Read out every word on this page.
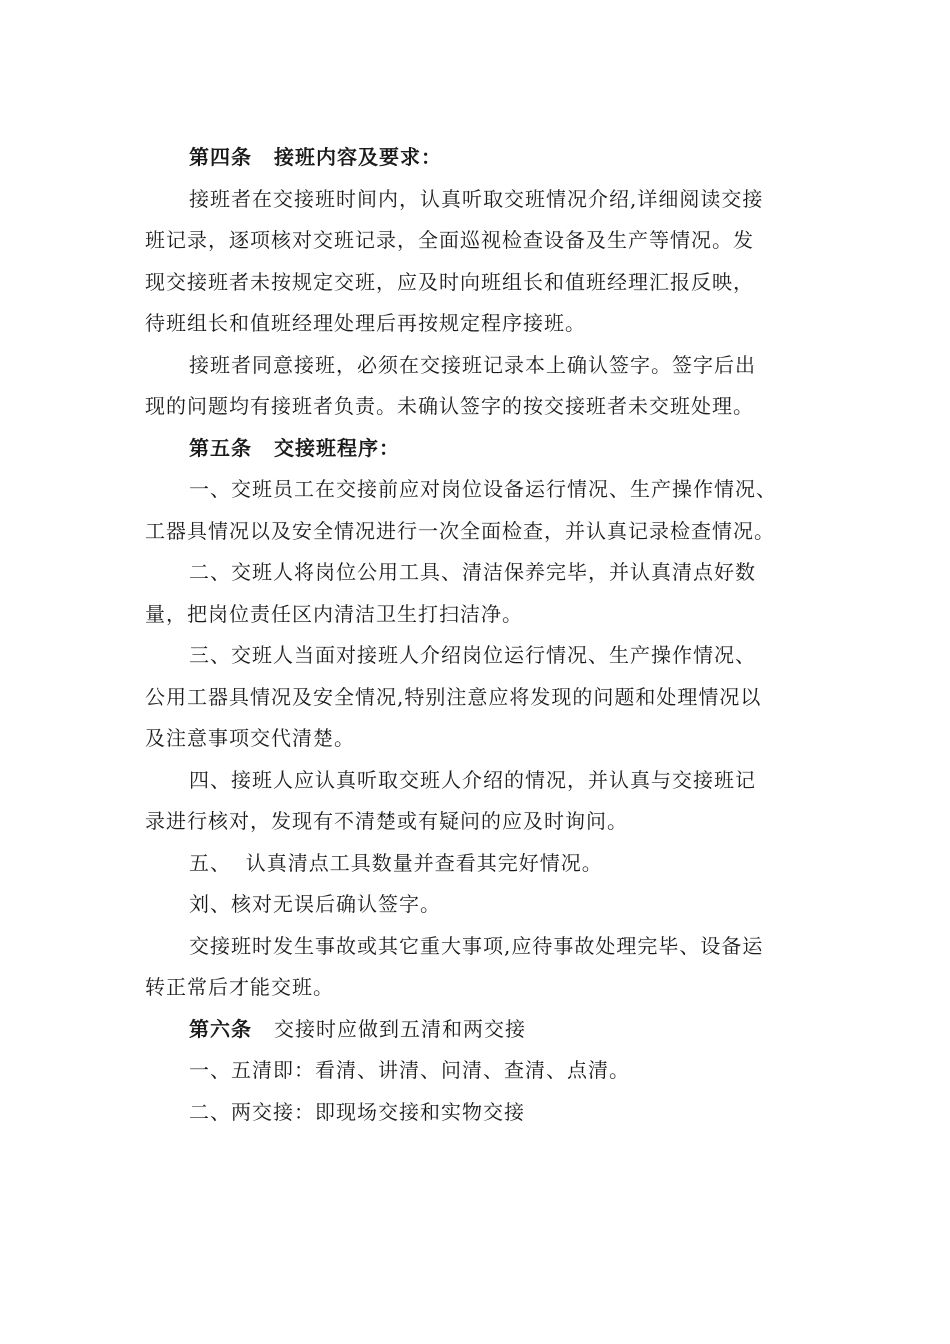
第四条 接班内容及要求：
接班者在交接班时间内，认真听取交班情况介绍,详细阅读交接
班记录，逐项核对交班记录，全面巡视检查设备及生产等情况。发
现交接班者未按规定交班，应及时向班组长和值班经理汇报反映，
待班组长和值班经理处理后再按规定程序接班。
接班者同意接班，必须在交接班记录本上确认签字。签字后出
现的问题均有接班者负责。未确认签字的按交接班者未交班处理。
第五条 交接班程序：
一、交班员工在交接前应对岗位设备运行情况、生产操作情况、
工器具情况以及安全情况进行一次全面检查，并认真记录检查情况。
二、交班人将岗位公用工具、清洁保养完毕，并认真清点好数
量，把岗位责任区内清洁卫生打扫洁净。
三、交班人当面对接班人介绍岗位运行情况、生产操作情况、
公用工器具情况及安全情况,特别注意应将发现的问题和处理情况以
及注意事项交代清楚。
四、接班人应认真听取交班人介绍的情况，并认真与交接班记
录进行核对，发现有不清楚或有疑问的应及时询问。
五、  认真清点工具数量并查看其完好情况。
刘、核对无误后确认签字。
交接班时发生事故或其它重大事项,应待事故处理完毕、设备运
转正常后才能交班。
第六条 交接时应做到五清和两交接
一、五清即：看清、讲清、问清、查清、点清。
二、两交接：即现场交接和实物交接
